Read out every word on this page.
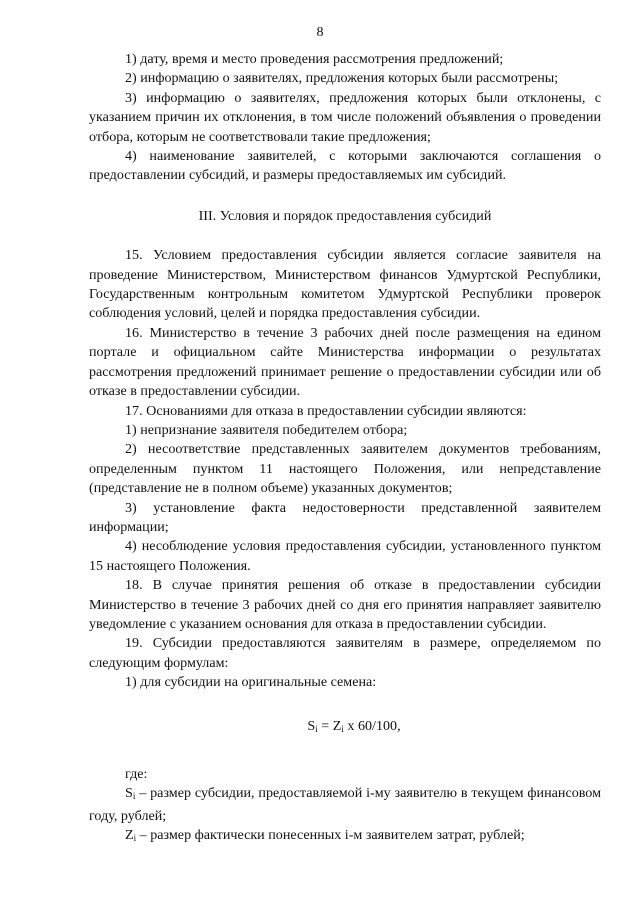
8

1) дату, время и место проведения рассмотрения предложений;

2) информацию о заявителях, предложения которых были рассмотрены;

3) информацию о заявителях, предложения которых были отклонены, с указанием причин их отклонения, в том числе положений объявления о проведении отбора, которым не соответствовали такие предложения;

4) наименование заявителей, с которыми заключаются соглашения о предоставлении субсидий, и размеры предоставляемых им субсидий.

III. Условия и порядок предоставления субсидий

15. Условием предоставления субсидии является согласие заявителя на проведение Министерством, Министерством финансов Удмуртской Республики, Государственным контрольным комитетом Удмуртской Республики проверок соблюдения условий, целей и порядка предоставления субсидии.

16. Министерство в течение 3 рабочих дней после размещения на едином портале и официальном сайте Министерства информации о результатах рассмотрения предложений принимает решение о предоставлении субсидии или об отказе в предоставлении субсидии.

17. Основаниями для отказа в предоставлении субсидии являются:

1) непризнание заявителя победителем отбора;

2) несоответствие представленных заявителем документов требованиям, определенным пунктом 11 настоящего Положения, или непредставление (представление не в полном объеме) указанных документов;

3) установление факта недостоверности представленной заявителем информации;

4) несоблюдение условия предоставления субсидии, установленного пунктом 15 настоящего Положения.

18. В случае принятия решения об отказе в предоставлении субсидии Министерство в течение 3 рабочих дней со дня его принятия направляет заявителю уведомление с указанием основания для отказа в предоставлении субсидии.

19. Субсидии предоставляются заявителям в размере, определяемом по следующим формулам:

1) для субсидии на оригинальные семена:

$S_i = Z_i$ x 60/100,

где:

$S_i$ – размер субсидии, предоставляемой i-му заявителю в текущем финансовом году, рублей;

$Z_i$ – размер фактически понесенных i-м заявителем затрат, рублей;
